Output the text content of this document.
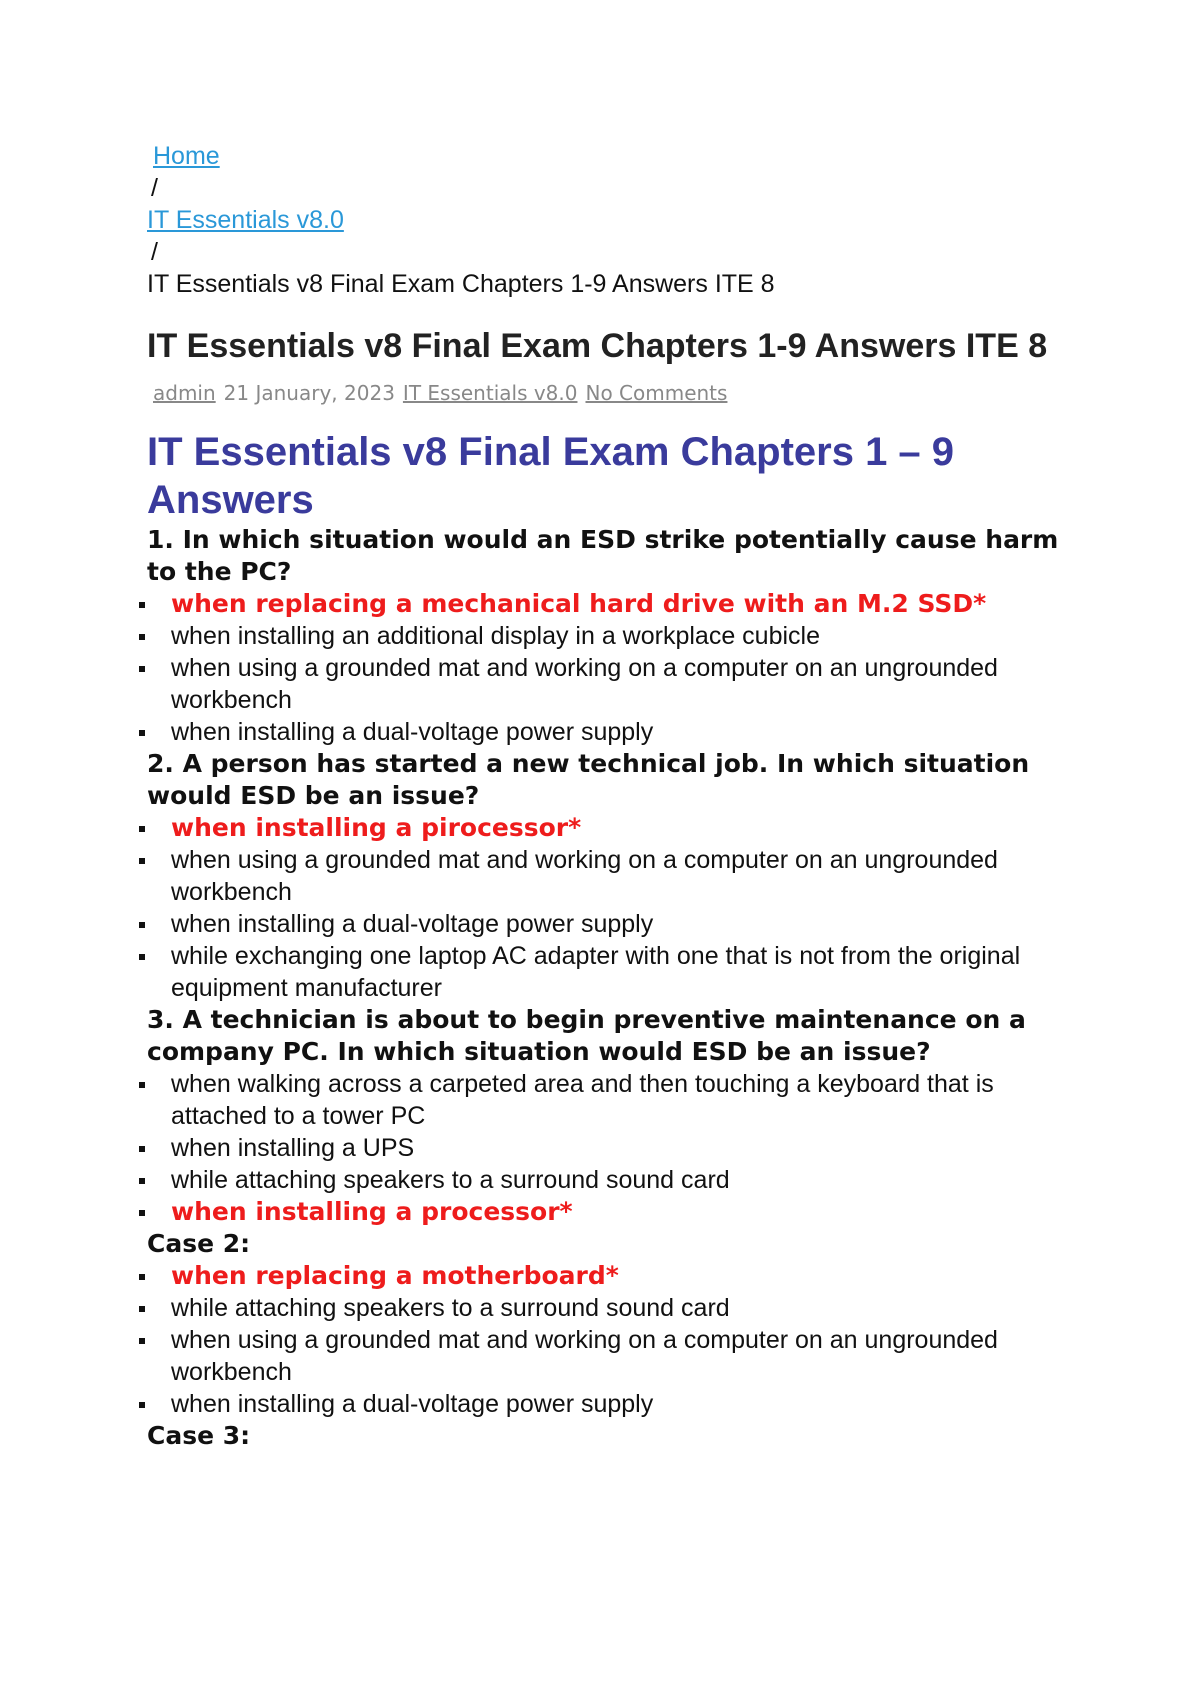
Home

/

IT Essentials v8.0

/

IT Essentials v8 Final Exam Chapters 1-9 Answers ITE 8

IT Essentials v8 Final Exam Chapters 1-9 Answers ITE 8
admin 21 January, 2023 IT Essentials v8.0 No Comments
IT Essentials v8 Final Exam Chapters 1 – 9 Answers

1. In which situation would an ESD strike potentially cause harm to the PC?

when replacing a mechanical hard drive with an M.2 SSD*
when installing an additional display in a workplace cubicle
when using a grounded mat and working on a computer on an ungrounded workbench
when installing a dual-voltage power supply

2. A person has started a new technical job. In which situation would ESD be an issue?

when installing a pirocessor*
when using a grounded mat and working on a computer on an ungrounded workbench
when installing a dual-voltage power supply
while exchanging one laptop AC adapter with one that is not from the original equipment manufacturer

3. A technician is about to begin preventive maintenance on a company PC. In which situation would ESD be an issue?

when walking across a carpeted area and then touching a keyboard that is attached to a tower PC
when installing a UPS
while attaching speakers to a surround sound card
when installing a processor*

Case 2:

when replacing a motherboard*
while attaching speakers to a surround sound card
when using a grounded mat and working on a computer on an ungrounded workbench
when installing a dual-voltage power supply

Case 3:
